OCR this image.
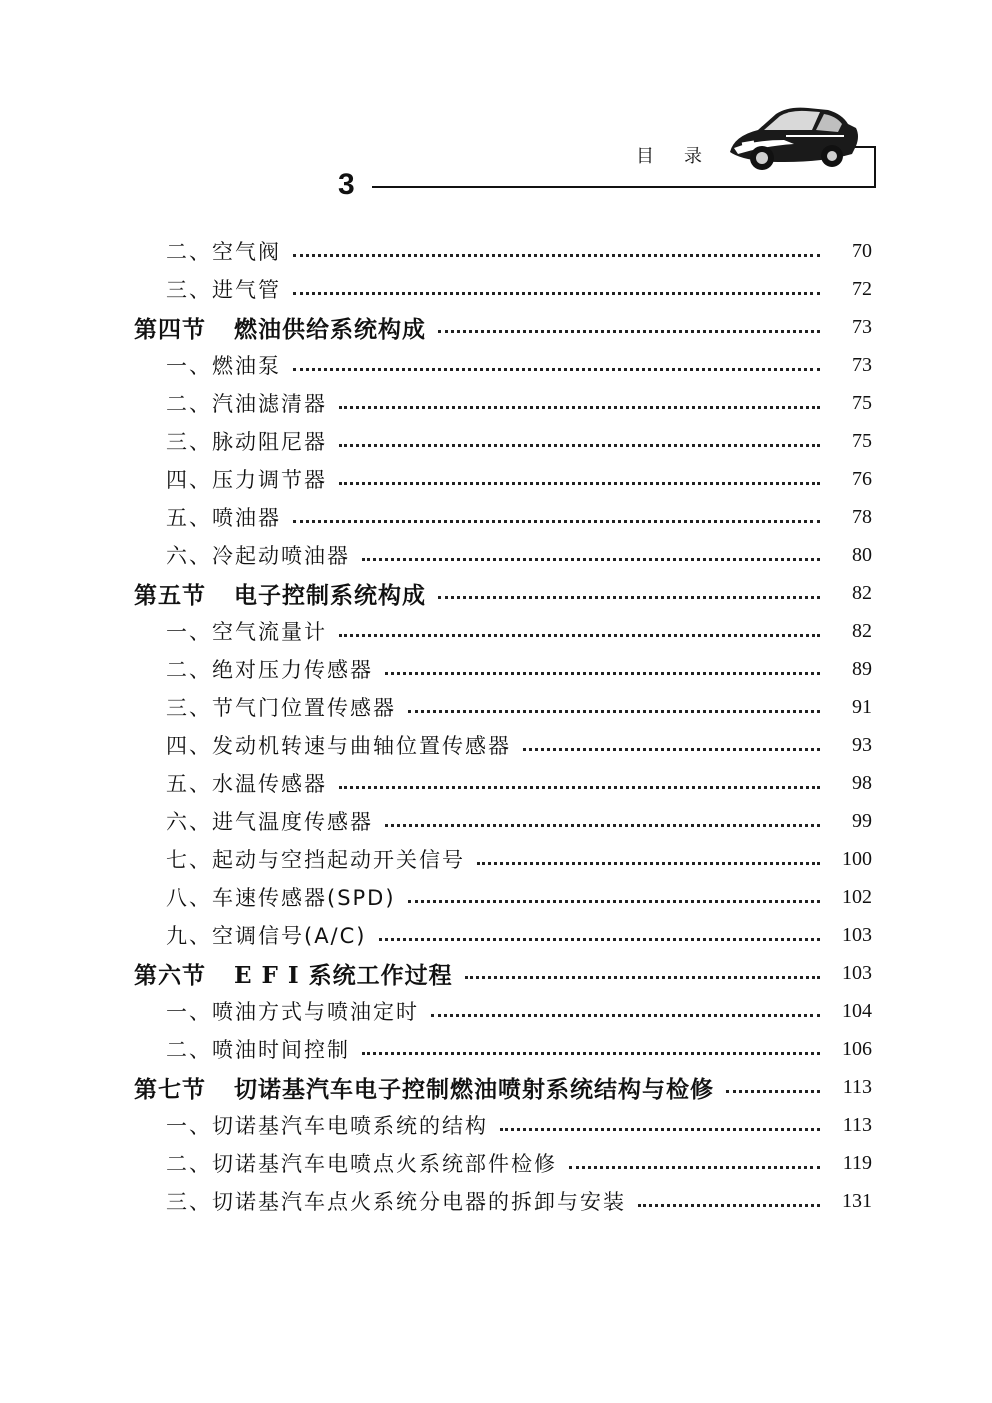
3
目 录
二、空气阀	70
三、进气管	72
第四节 燃油供给系统构成	73
一、燃油泵	73
二、汽油滤清器	75
三、脉动阻尼器	75
四、压力调节器	76
五、喷油器	78
六、冷起动喷油器	80
第五节 电子控制系统构成	82
一、空气流量计	82
二、绝对压力传感器	89
三、节气门位置传感器	91
四、发动机转速与曲轴位置传感器	93
五、水温传感器	98
六、进气温度传感器	99
七、起动与空挡起动开关信号	100
八、车速传感器(SPD)	102
九、空调信号(A/C)	103
第六节 E F I 系统工作过程	103
一、喷油方式与喷油定时	104
二、喷油时间控制	106
第七节 切诺基汽车电子控制燃油喷射系统结构与检修	113
一、切诺基汽车电喷系统的结构	113
二、切诺基汽车电喷点火系统部件检修	119
三、切诺基汽车点火系统分电器的拆卸与安装	131
